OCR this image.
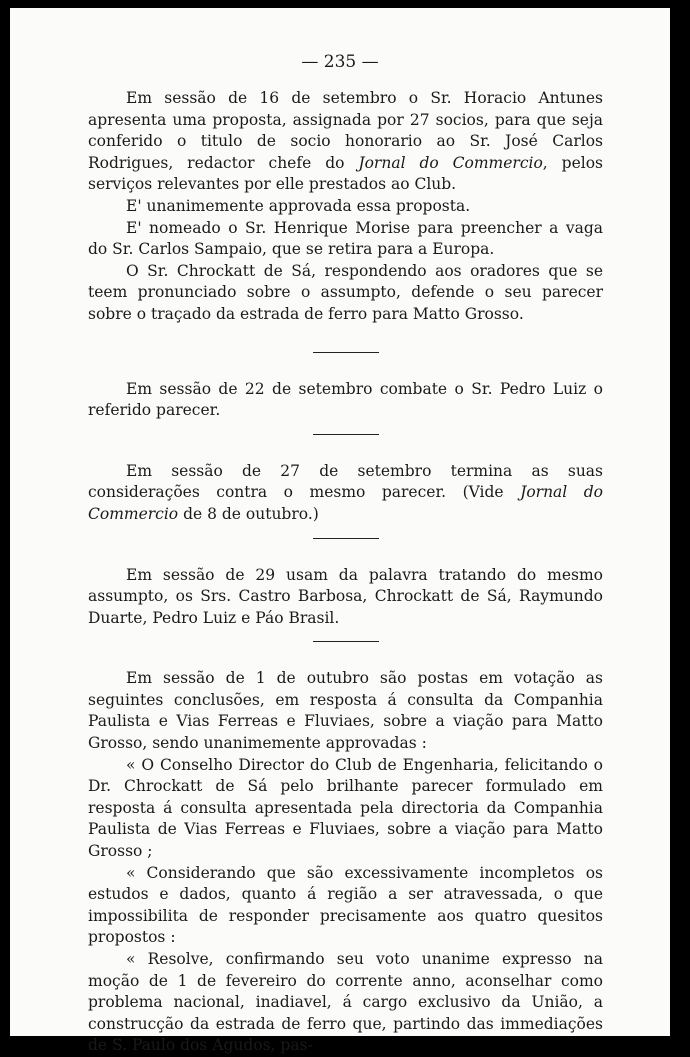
— 235 —

Em sessão de 16 de setembro o Sr. Horacio Antunes apresenta uma proposta, assignada por 27 socios, para que seja conferido o titulo de socio honorario ao Sr. José Carlos Rodrigues, redactor chefe do Jornal do Commercio, pelos serviços relevantes por elle prestados ao Club.

E' unanimemente approvada essa proposta.

E' nomeado o Sr. Henrique Morise para preencher a vaga do Sr. Carlos Sampaio, que se retira para a Europa.

O Sr. Chrockatt de Sá, respondendo aos oradores que se teem pronunciado sobre o assumpto, defende o seu parecer sobre o traçado da estrada de ferro para Matto Grosso.

Em sessão de 22 de setembro combate o Sr. Pedro Luiz o referido parecer.

Em sessão de 27 de setembro termina as suas considerações contra o mesmo parecer. (Vide Jornal do Commercio de 8 de outubro.)

Em sessão de 29 usam da palavra tratando do mesmo assumpto, os Srs. Castro Barbosa, Chrockatt de Sá, Raymundo Duarte, Pedro Luiz e Páo Brasil.

Em sessão de 1 de outubro são postas em votação as seguintes conclusões, em resposta á consulta da Companhia Paulista e Vias Ferreas e Fluviaes, sobre a viação para Matto Grosso, sendo unanimemente approvadas :

« O Conselho Director do Club de Engenharia, felicitando o Dr. Chrockatt de Sá pelo brilhante parecer formulado em resposta á consulta apresentada pela directoria da Companhia Paulista de Vias Ferreas e Fluviaes, sobre a viação para Matto Grosso ;

« Considerando que são excessivamente incompletos os estudos e dados, quanto á região a ser atravessada, o que impossibilita de responder precisamente aos quatro quesitos propostos :

« Resolve, confirmando seu voto unanime expresso na moção de 1 de fevereiro do corrente anno, aconselhar como problema nacional, inadiavel, á cargo exclusivo da União, a construcção da estrada de ferro que, partindo das immediações de S. Paulo dos Agudos, pas-
